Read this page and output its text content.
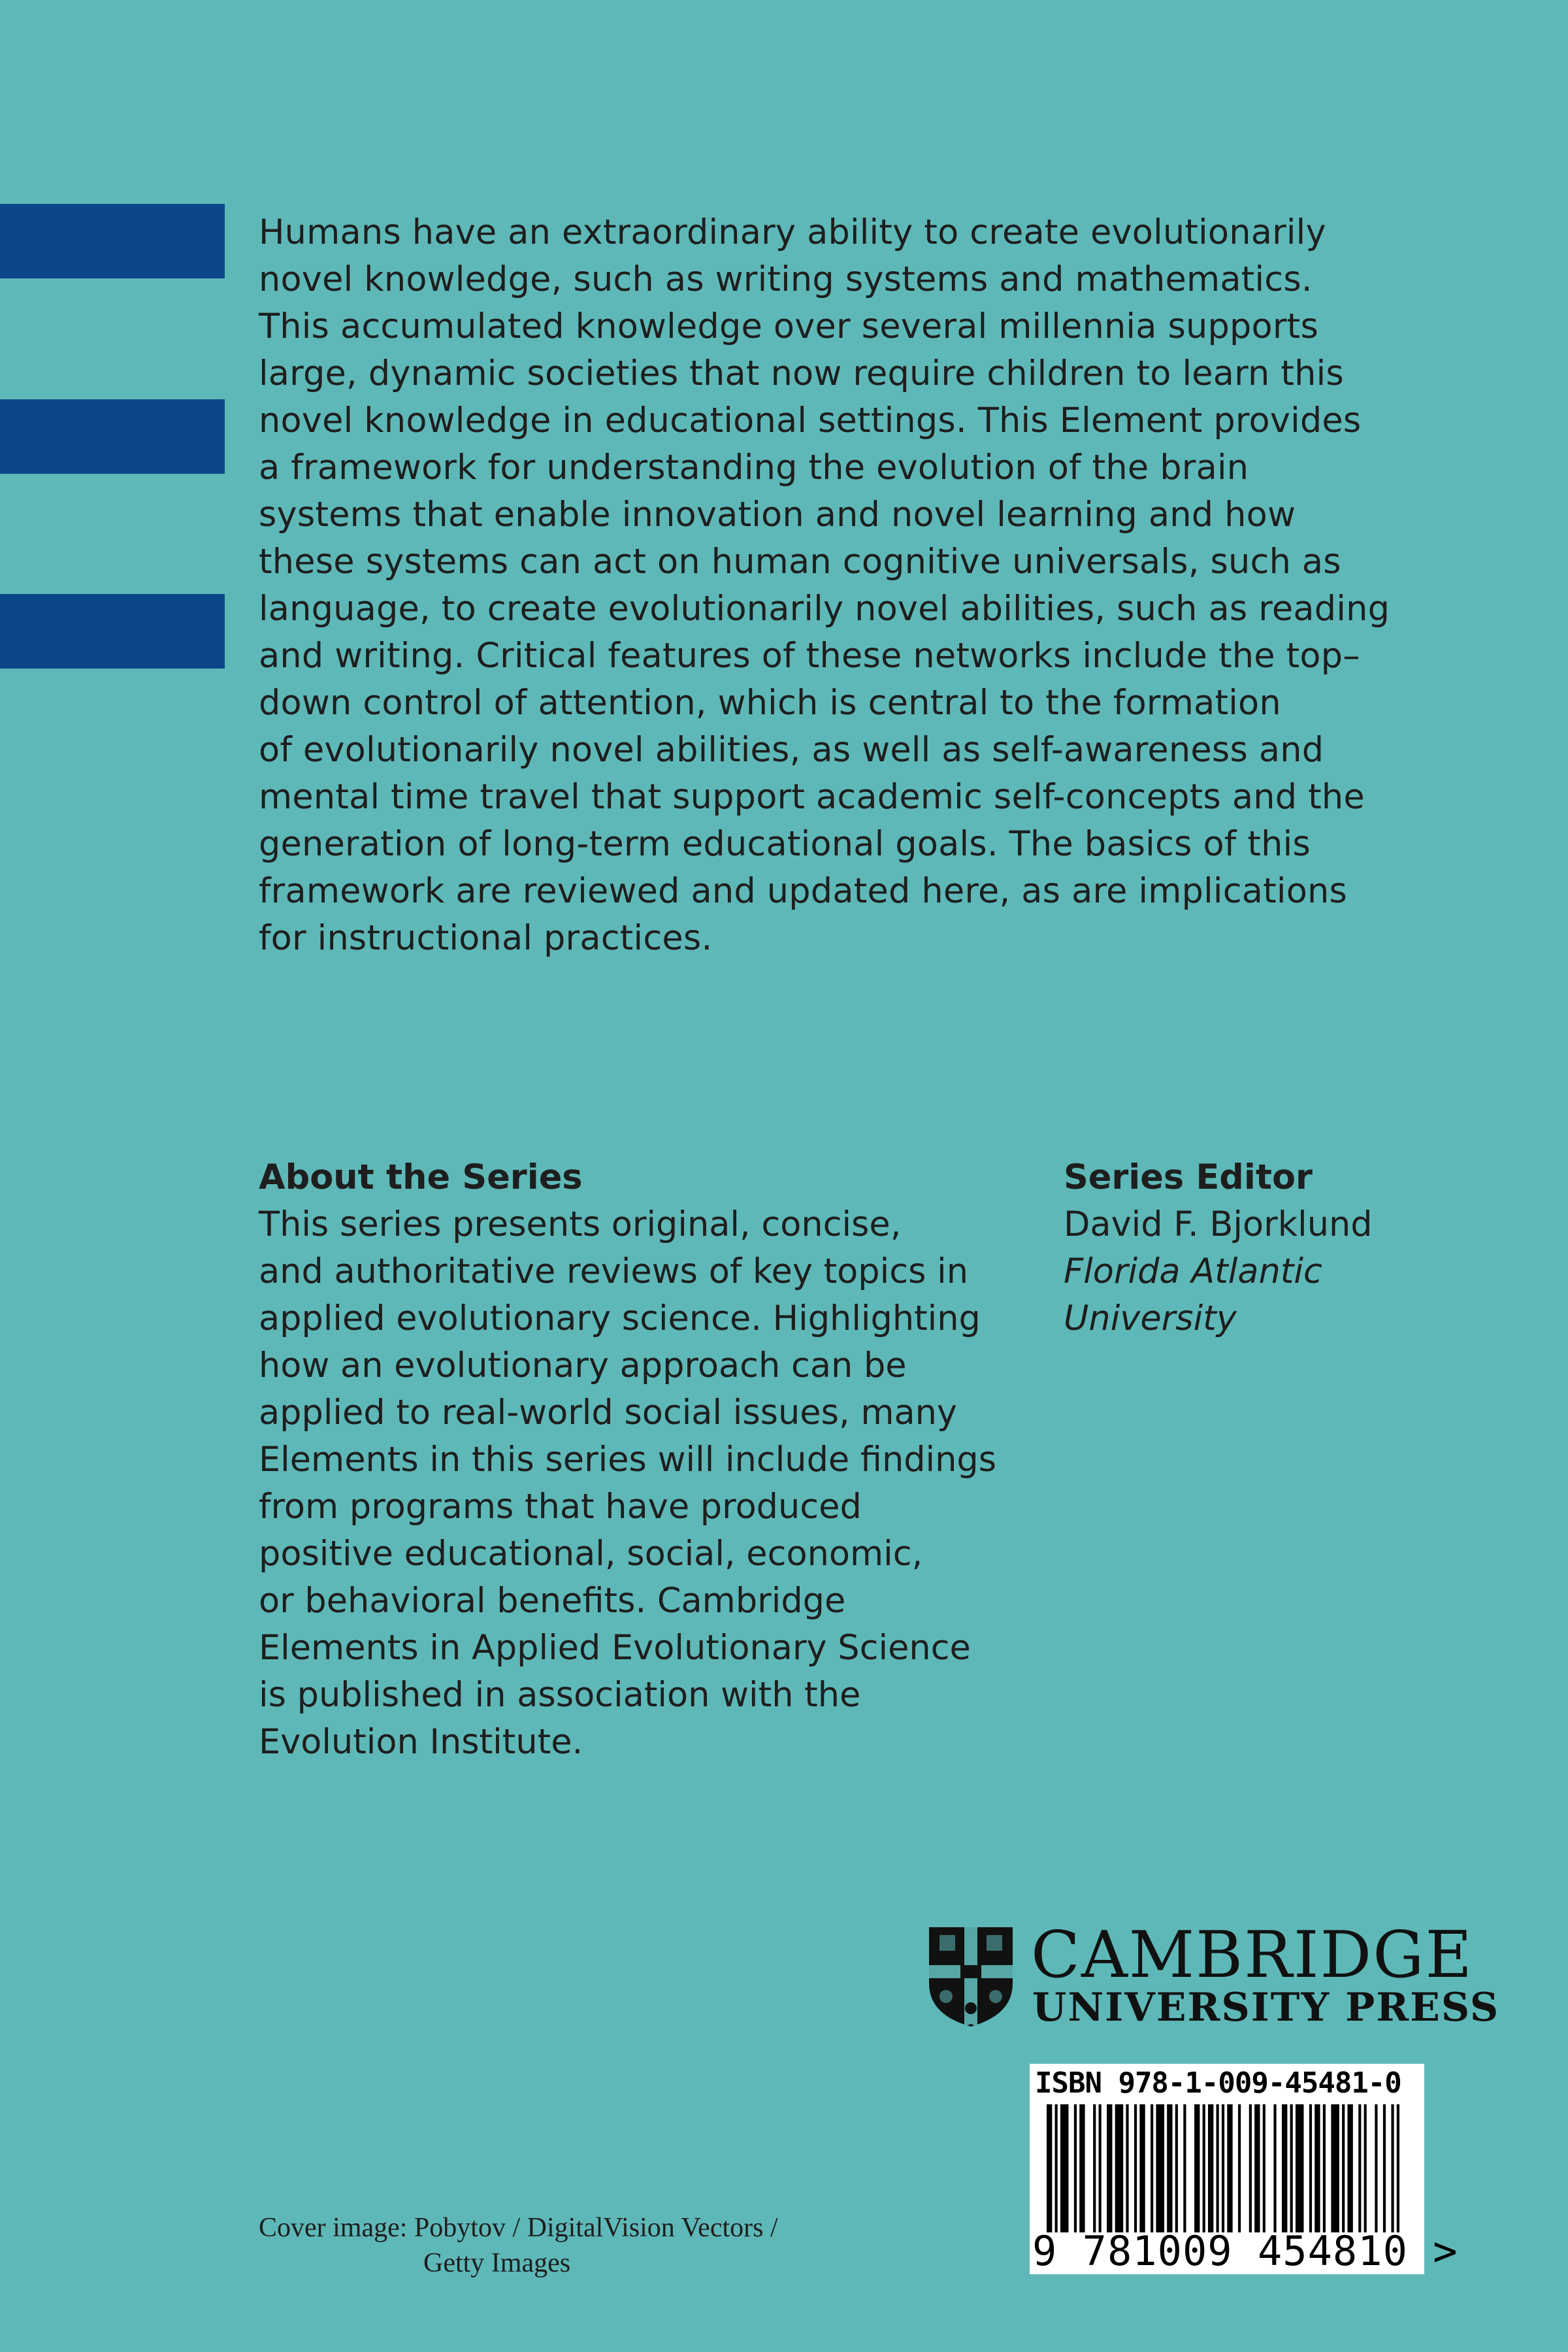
Humans have an extraordinary ability to create evolutionarily
novel knowledge, such as writing systems and mathematics.
This accumulated knowledge over several millennia supports
large, dynamic societies that now require children to learn this
novel knowledge in educational settings. This Element provides
a framework for understanding the evolution of the brain
systems that enable innovation and novel learning and how
these systems can act on human cognitive universals, such as
language, to create evolutionarily novel abilities, such as reading
and writing. Critical features of these networks include the top–
down control of attention, which is central to the formation
of evolutionarily novel abilities, as well as self-awareness and
mental time travel that support academic self-concepts and the
generation of long-term educational goals. The basics of this
framework are reviewed and updated here, as are implications
for instructional practices.

About the Series

This series presents original, concise,
and authoritative reviews of key topics in
applied evolutionary science. Highlighting
how an evolutionary approach can be
applied to real-world social issues, many
Elements in this series will include findings
from programs that have produced
positive educational, social, economic,
or behavioral benefits. Cambridge
Elements in Applied Evolutionary Science
is published in association with the
Evolution Institute.

Series Editor

David F. Bjorklund

Florida Atlantic
University

CAMBRIDGE
UNIVERSITY PRESS
ISBN 978-1-009-45481-0
9 781009 454810 >

Cover image: Pobytov / DigitalVision Vectors /

Getty Images
